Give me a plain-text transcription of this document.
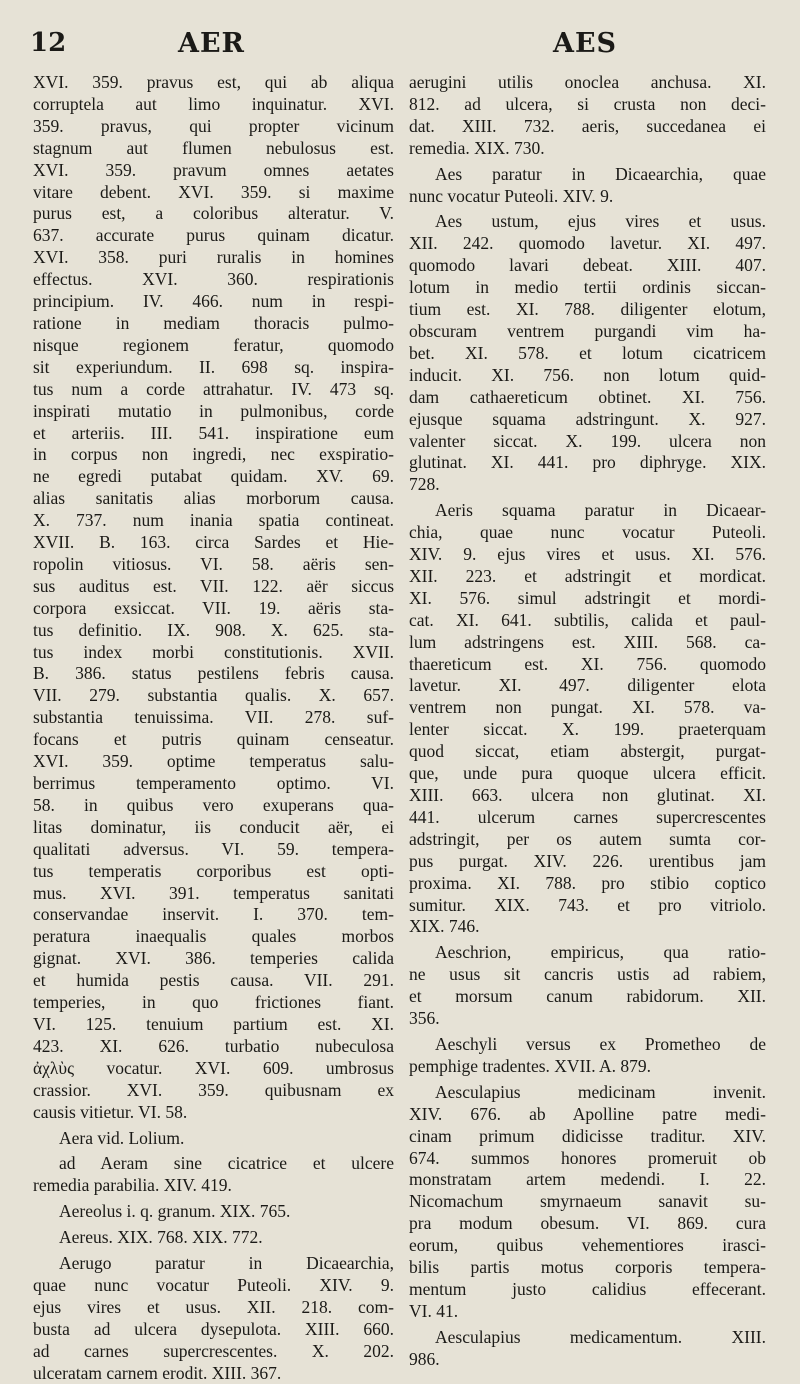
12	AER	AES
XVI. 359. pravus est, qui ab aliqua
corruptela aut limo inquinatur. XVI.
359. pravus, qui propter vicinum
stagnum aut flumen nebulosus est.
XVI. 359. pravum omnes aetates
vitare debent. XVI. 359. si maxime
purus est, a coloribus alteratur. V.
637. accurate purus quinam dicatur.
XVI. 358. puri ruralis in homines
effectus. XVI. 360. respirationis
principium. IV. 466. num in respi-
ratione in mediam thoracis pulmo-
nisque regionem feratur, quomodo
sit experiundum. II. 698 sq. inspira-
tus num a corde attrahatur. IV. 473 sq.
inspirati mutatio in pulmonibus, corde
et arteriis. III. 541. inspiratione eum
in corpus non ingredi, nec exspiratio-
ne egredi putabat quidam. XV. 69.
alias sanitatis alias morborum causa.
X. 737. num inania spatia contineat.
XVII. B. 163. circa Sardes et Hie-
ropolin vitiosus. VI. 58. aëris sen-
sus auditus est. VII. 122. aër siccus
corpora exsiccat. VII. 19. aëris sta-
tus definitio. IX. 908. X. 625. sta-
tus index morbi constitutionis. XVII.
B. 386. status pestilens febris causa.
VII. 279. substantia qualis. X. 657.
substantia tenuissima. VII. 278. suf-
focans et putris quinam censeatur.
XVI. 359. optime temperatus salu-
berrimus temperamento optimo. VI.
58. in quibus vero exuperans qua-
litas dominatur, iis conducit aër, ei
qualitati adversus. VI. 59. tempera-
tus temperatis corporibus est opti-
mus. XVI. 391. temperatus sanitati
conservandae inservit. I. 370. tem-
peratura inaequalis quales morbos
gignat. XVI. 386. temperies calida
et humida pestis causa. VII. 291.
temperies, in quo frictiones fiant.
VI. 125. tenuium partium est. XI.
423. XI. 626. turbatio nubeculosa
ἀχλὺς vocatur. XVI. 609. umbrosus
crassior. XVI. 359. quibusnam ex
causis vitietur. VI. 58.
Aera vid. Lolium.
ad Aeram sine cicatrice et ulcere
remedia parabilia. XIV. 419.
Aereolus i. q. granum. XIX. 765.
Aereus. XIX. 768. XIX. 772.
Aerugo paratur in Dicaearchia,
quae nunc vocatur Puteoli. XIV. 9.
ejus vires et usus. XII. 218. com-
busta ad ulcera dysepulota. XIII. 660.
ad carnes supercrescentes. X. 202.
ulceratam carnem erodit. XIII. 367.
aerugini utilis onoclea anchusa. XI.
812. ad ulcera, si crusta non deci-
dat. XIII. 732. aeris, succedanea ei
remedia. XIX. 730.
Aes paratur in Dicaearchia, quae
nunc vocatur Puteoli. XIV. 9.
Aes ustum, ejus vires et usus.
XII. 242. quomodo lavetur. XI. 497.
quomodo lavari debeat. XIII. 407.
lotum in medio tertii ordinis siccan-
tium est. XI. 788. diligenter elotum,
obscuram ventrem purgandi vim ha-
bet. XI. 578. et lotum cicatricem
inducit. XI. 756. non lotum quid-
dam cathaereticum obtinet. XI. 756.
ejusque squama adstringunt. X. 927.
valenter siccat. X. 199. ulcera non
glutinat. XI. 441. pro diphryge. XIX.
728.
Aeris squama paratur in Dicaear-
chia, quae nunc vocatur Puteoli.
XIV. 9. ejus vires et usus. XI. 576.
XII. 223. et adstringit et mordicat.
XI. 576. simul adstringit et mordi-
cat. XI. 641. subtilis, calida et paul-
lum adstringens est. XIII. 568. ca-
thaereticum est. XI. 756. quomodo
lavetur. XI. 497. diligenter elota
ventrem non pungat. XI. 578. va-
lenter siccat. X. 199. praeterquam
quod siccat, etiam abstergit, purgat-
que, unde pura quoque ulcera efficit.
XIII. 663. ulcera non glutinat. XI.
441. ulcerum carnes supercrescentes
adstringit, per os autem sumta cor-
pus purgat. XIV. 226. urentibus jam
proxima. XI. 788. pro stibio coptico
sumitur. XIX. 743. et pro vitriolo.
XIX. 746.
Aeschrion, empiricus, qua ratio-
ne usus sit cancris ustis ad rabiem,
et morsum canum rabidorum. XII.
356.
Aeschyli versus ex Prometheo de
pemphige tradentes. XVII. A. 879.
Aesculapius medicinam invenit.
XIV. 676. ab Apolline patre medi-
cinam primum didicisse traditur. XIV.
674. summos honores promeruit ob
monstratam artem medendi. I. 22.
Nicomachum smyrnaeum sanavit su-
pra modum obesum. VI. 869. cura
eorum, quibus vehementiores irasci-
bilis partis motus corporis tempera-
mentum justo calidius effecerant.
VI. 41.
Aesculapius medicamentum. XIII.
986.
